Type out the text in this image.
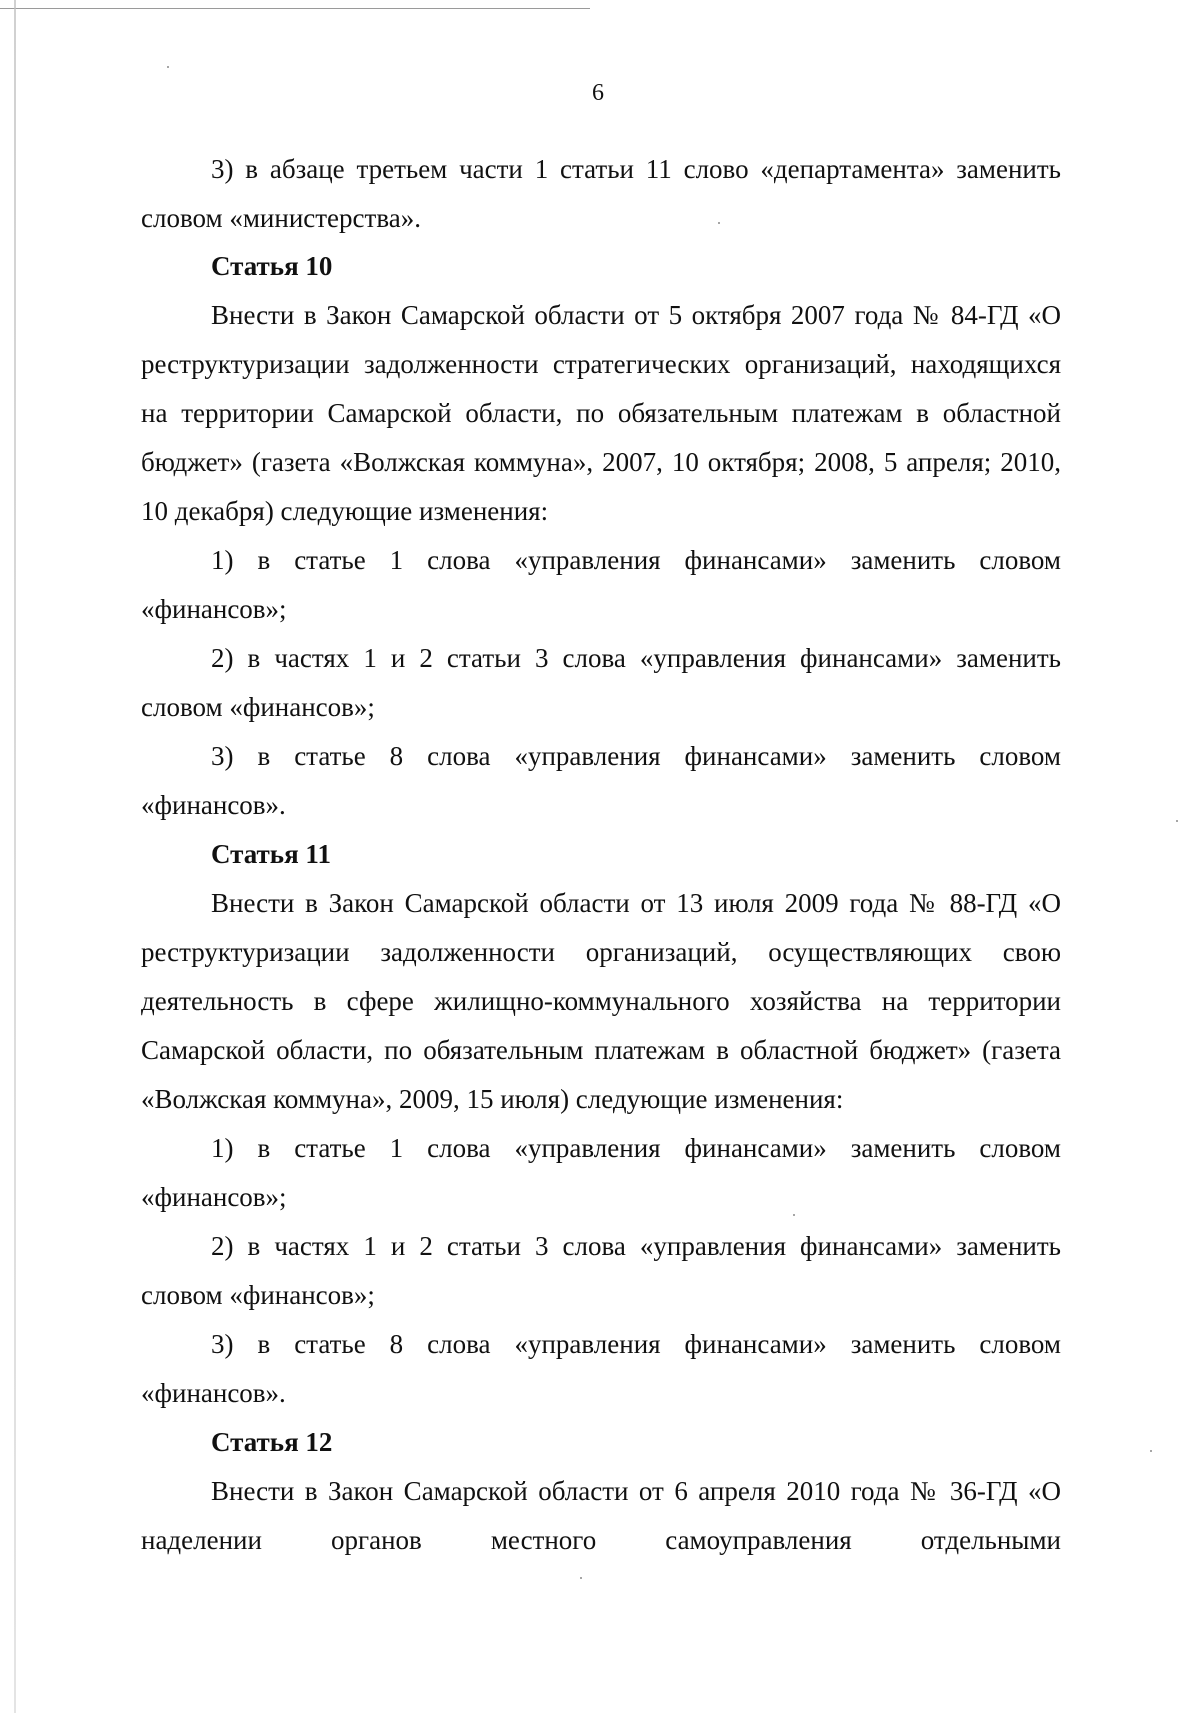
6

3) в абзаце третьем части 1 статьи 11 слово «департамента» заменить словом «министерства».

Статья 10

Внести в Закон Самарской области от 5 октября 2007 года № 84-ГД «О реструктуризации задолженности стратегических организаций, находящихся на территории Самарской области, по обязательным платежам в областной бюджет» (газета «Волжская коммуна», 2007, 10 октября; 2008, 5 апреля; 2010, 10 декабря) следующие изменения:

1) в статье 1 слова «управления финансами» заменить словом «финансов»;

2) в частях 1 и 2 статьи 3 слова «управления финансами» заменить словом «финансов»;

3) в статье 8 слова «управления финансами» заменить словом «финансов».

Статья 11

Внести в Закон Самарской области от 13 июля 2009 года № 88-ГД «О реструктуризации задолженности организаций, осуществляющих свою деятельность в сфере жилищно-коммунального хозяйства на территории Самарской области, по обязательным платежам в областной бюджет» (газета «Волжская коммуна», 2009, 15 июля) следующие изменения:

1) в статье 1 слова «управления финансами» заменить словом «финансов»;

2) в частях 1 и 2 статьи 3 слова «управления финансами» заменить словом «финансов»;

3) в статье 8 слова «управления финансами» заменить словом «финансов».

Статья 12

Внести в Закон Самарской области от 6 апреля 2010 года № 36-ГД «О наделении органов местного самоуправления отдельными
